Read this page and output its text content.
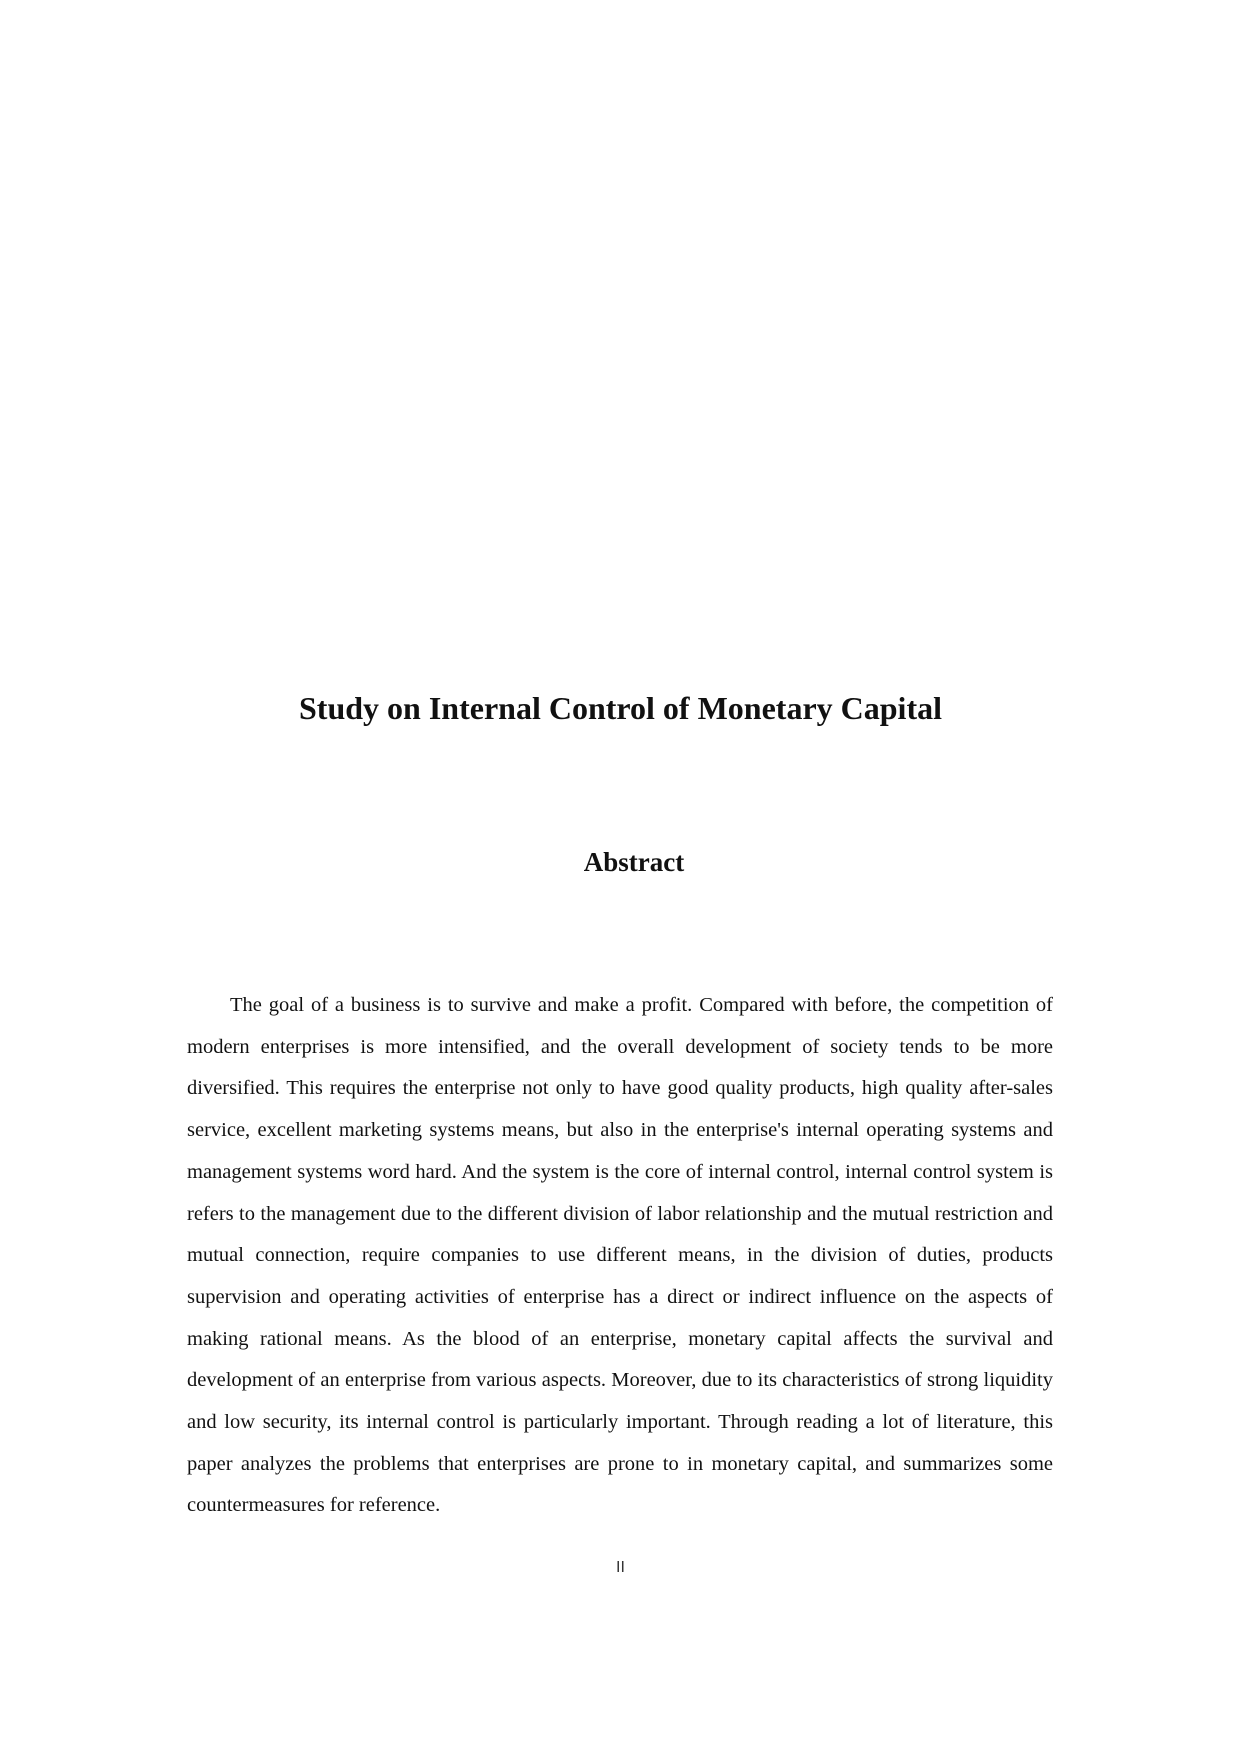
Study on Internal Control of Monetary Capital
Abstract

The goal of a business is to survive and make a profit. Compared with before, the competition of modern enterprises is more intensified, and the overall development of society tends to be more diversified. This requires the enterprise not only to have good quality products, high quality after-sales service, excellent marketing systems means, but also in the enterprise's internal operating systems and management systems word hard. And the system is the core of internal control, internal control system is refers to the management due to the different division of labor relationship and the mutual restriction and mutual connection, require companies to use different means, in the division of duties, products supervision and operating activities of enterprise has a direct or indirect influence on the aspects of making rational means. As the blood of an enterprise, monetary capital affects the survival and development of an enterprise from various aspects. Moreover, due to its characteristics of strong liquidity and low security, its internal control is particularly important. Through reading a lot of literature, this paper analyzes the problems that enterprises are prone to in monetary capital, and summarizes some countermeasures for reference.

II
